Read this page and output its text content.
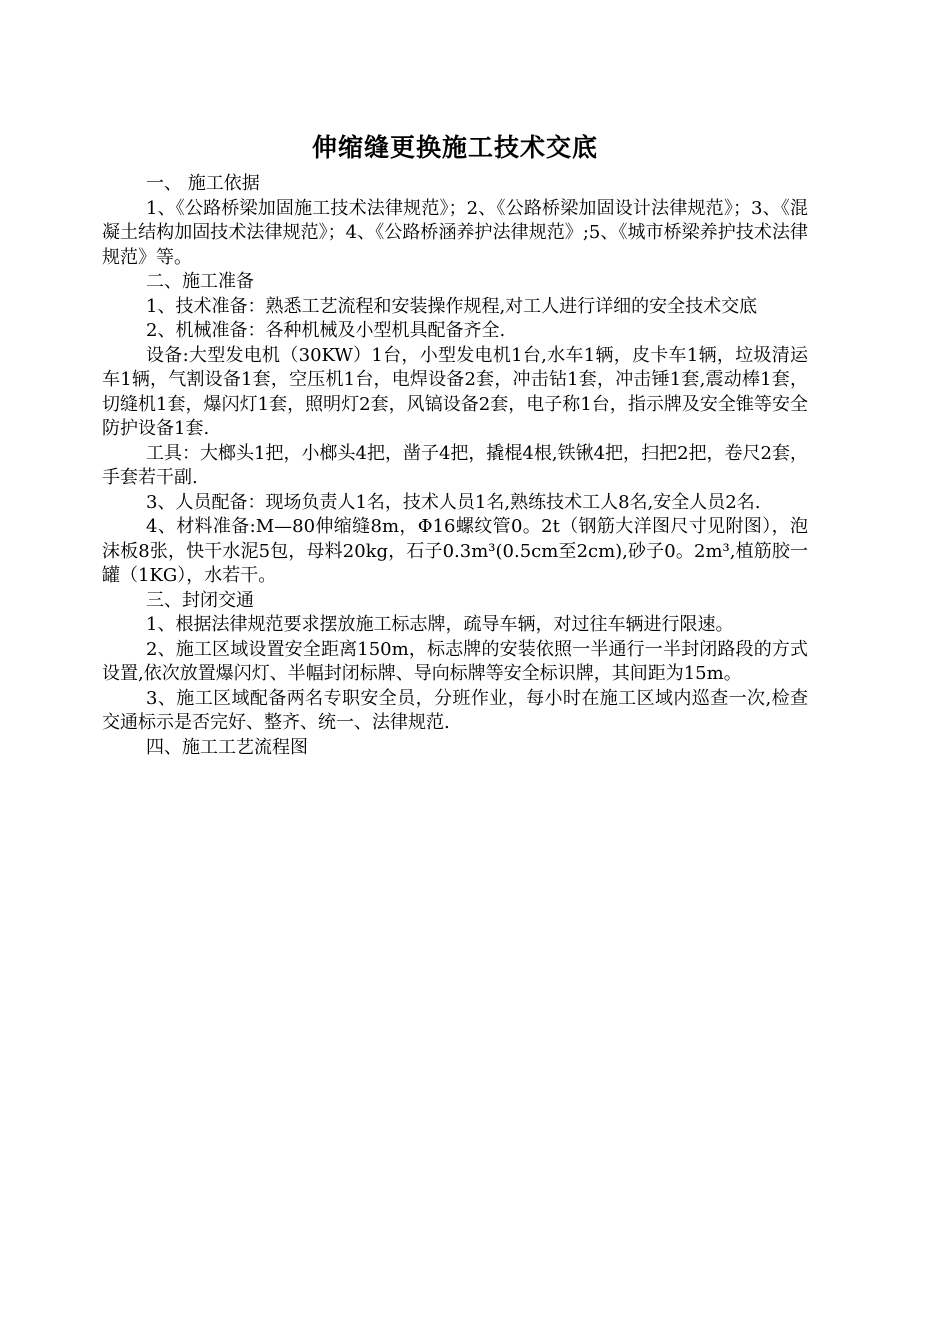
伸缩缝更换施工技术交底

一、 施工依据

1、《公路桥梁加固施工技术法律规范》；2、《公路桥梁加固设计法律规范》；3、《混凝土结构加固技术法律规范》；4、《公路桥涵养护法律规范》;5、《城市桥梁养护技术法律规范》等。

二、施工准备

1、技术准备：熟悉工艺流程和安装操作规程,对工人进行详细的安全技术交底

2、机械准备：各种机械及小型机具配备齐全.

设备:大型发电机（30KW）1台，小型发电机1台,水车1辆，皮卡车1辆，垃圾清运车1辆，气割设备1套，空压机1台，电焊设备2套，冲击钻1套，冲击锤1套,震动棒1套，切缝机1套，爆闪灯1套，照明灯2套，风镐设备2套，电子称1台，指示牌及安全锥等安全防护设备1套.

工具：大榔头1把，小榔头4把，凿子4把，撬棍4根,铁锹4把，扫把2把，卷尺2套，手套若干副.

3、人员配备：现场负责人1名，技术人员1名,熟练技术工人8名,安全人员2名.

4、材料准备:M—80伸缩缝8m，Φ16螺纹管0。2t（钢筋大洋图尺寸见附图），泡沫板8张，快干水泥5包，母料20kg，石子0.3m³(0.5cm至2cm),砂子0。2m³,植筋胶一罐（1KG），水若干。

三、封闭交通

1、根据法律规范要求摆放施工标志牌，疏导车辆，对过往车辆进行限速。

2、施工区域设置安全距离150m，标志牌的安装依照一半通行一半封闭路段的方式设置,依次放置爆闪灯、半幅封闭标牌、导向标牌等安全标识牌，其间距为15m。

3、施工区域配备两名专职安全员，分班作业，每小时在施工区域内巡查一次,检查交通标示是否完好、整齐、统一、法律规范.

四、施工工艺流程图
